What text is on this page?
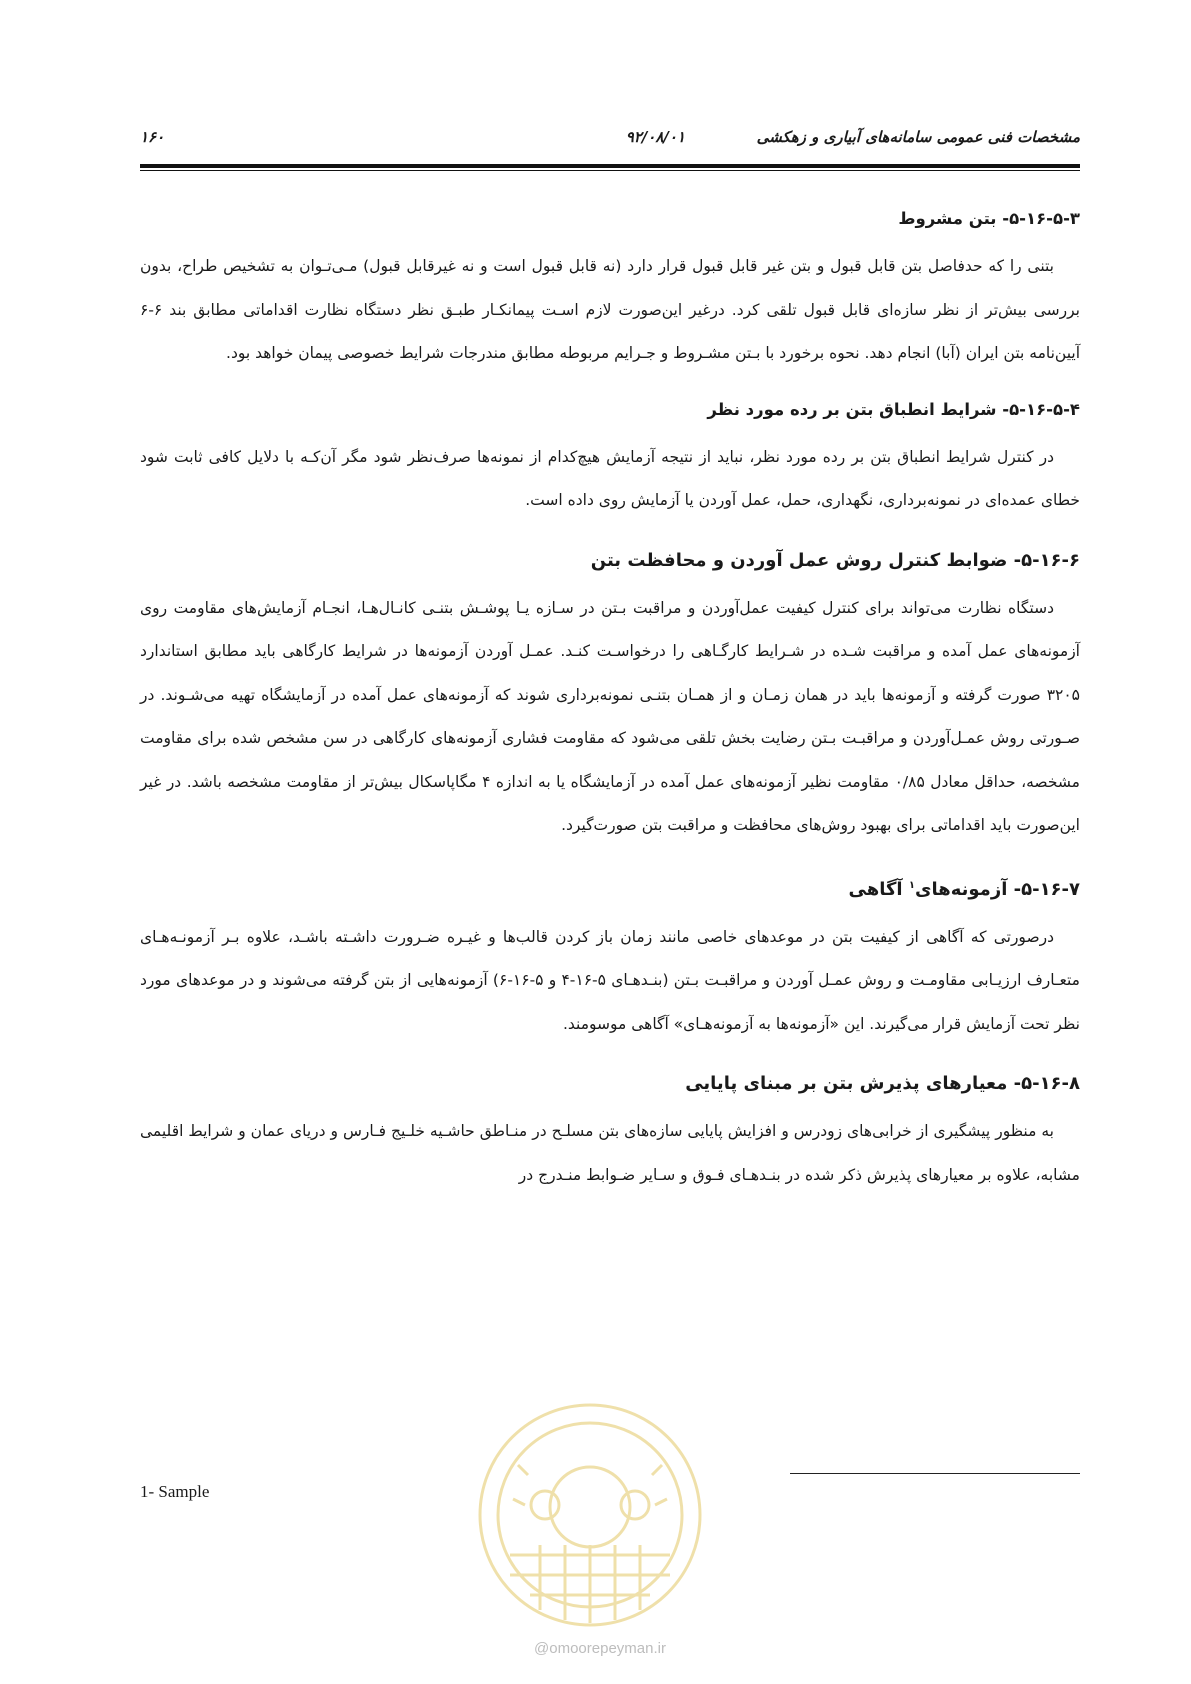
مشخصات فنی عمومی سامانه‌های آبیاری و زهکشی
۹۲/۰۸/۰۱
۱۶۰
۵-۱۶-۵-۳- بتن مشروط

بتنی را که حدفاصل بتن قابل قبول و بتن غیر قابل قبول قرار دارد (نه قابل قبول است و نه غیرقابل قبول) مـی‌تـوان به تشخیص طراح، بدون بررسی بیش‌تر از نظر سازه‌ای قابل قبول تلقی کرد. درغیر این‌صورت لازم اسـت پیمانکـار طبـق نظر دستگاه نظارت اقداماتی مطابق بند ۶-۶ آیین‌نامه بتن ایران (آبا) انجام دهد. نحوه برخورد با بـتن مشـروط و جـرایم مربوطه مطابق مندرجات شرایط خصوصی پیمان خواهد بود.

۵-۱۶-۵-۴- شرایط انطباق بتن بر رده مورد نظر

در کنترل شرایط انطباق بتن بر رده مورد نظر، نباید از نتیجه آزمایش هیچ‌کدام از نمونه‌ها صرف‌نظر شود مگر آن‌کـه با دلایل کافی ثابت شود خطای عمده‌ای در نمونه‌برداری، نگهداری، حمل، عمل آوردن یا آزمایش روی داده است.

۵-۱۶-۶- ضوابط کنترل روش عمل آوردن و محافظت بتن

دستگاه نظارت می‌تواند برای کنترل کیفیت عمل‌آوردن و مراقبت بـتن در سـازه یـا پوشـش بتنـی کانـال‌هـا، انجـام آزمایش‌های مقاومت روی آزمونه‌های عمل آمده و مراقبت شـده در شـرایط کارگـاهی را درخواسـت کنـد. عمـل آوردن آزمونه‌ها در شرایط کارگاهی باید مطابق استاندارد ۳۲۰۵ صورت گرفته و آزمونه‌ها باید در همان زمـان و از همـان بتنـی نمونه‌برداری شوند که آزمونه‌های عمل آمده در آزمایشگاه تهیه می‌شـوند. در صـورتی روش عمـل‌آوردن و مراقبـت بـتن رضایت بخش تلقی می‌شود که مقاومت فشاری آزمونه‌های کارگاهی در سن مشخص شده برای مقاومت مشخصه، حداقل معادل ۰/۸۵ مقاومت نظیر آزمونه‌های عمل آمده در آزمایشگاه یا به اندازه ۴ مگاپاسکال بیش‌تر از مقاومت مشخصه باشد. در غیر این‌صورت باید اقداماتی برای بهبود روش‌های محافظت و مراقبت بتن صورت‌گیرد.

۵-۱۶-۷- آزمونه‌های$^۱$ آگاهی

درصورتی که آگاهی از کیفیت بتن در موعدهای خاصی مانند زمان باز کردن قالب‌ها و غیـره ضـرورت داشـته باشـد، علاوه بـر آزمونـه‌هـای متعـارف ارزیـابی مقاومـت و روش عمـل آوردن و مراقبـت بـتن (بنـدهـای ۵-۱۶-۴ و ۵-۱۶-۶) آزمونه‌هایی از بتن گرفته می‌شوند و در موعدهای مورد نظر تحت آزمایش قرار می‌گیرند. این «آزمونه‌ها به آزمونه‌هـای» آگاهی موسومند.

۵-۱۶-۸- معیارهای پذیرش بتن بر مبنای پایایی

به منظور پیشگیری از خرابی‌های زودرس و افزایش پایایی سازه‌های بتن مسلـح در منـاطق حاشـیه خلـیج فـارس و دریای عمان و شرایط اقلیمی مشابه، علاوه بر معیارهای پذیرش ذکر شده در بنـدهـای فـوق و سـایر ضـوابط منـدرج در

1- Sample
@omoorepeyman.ir
